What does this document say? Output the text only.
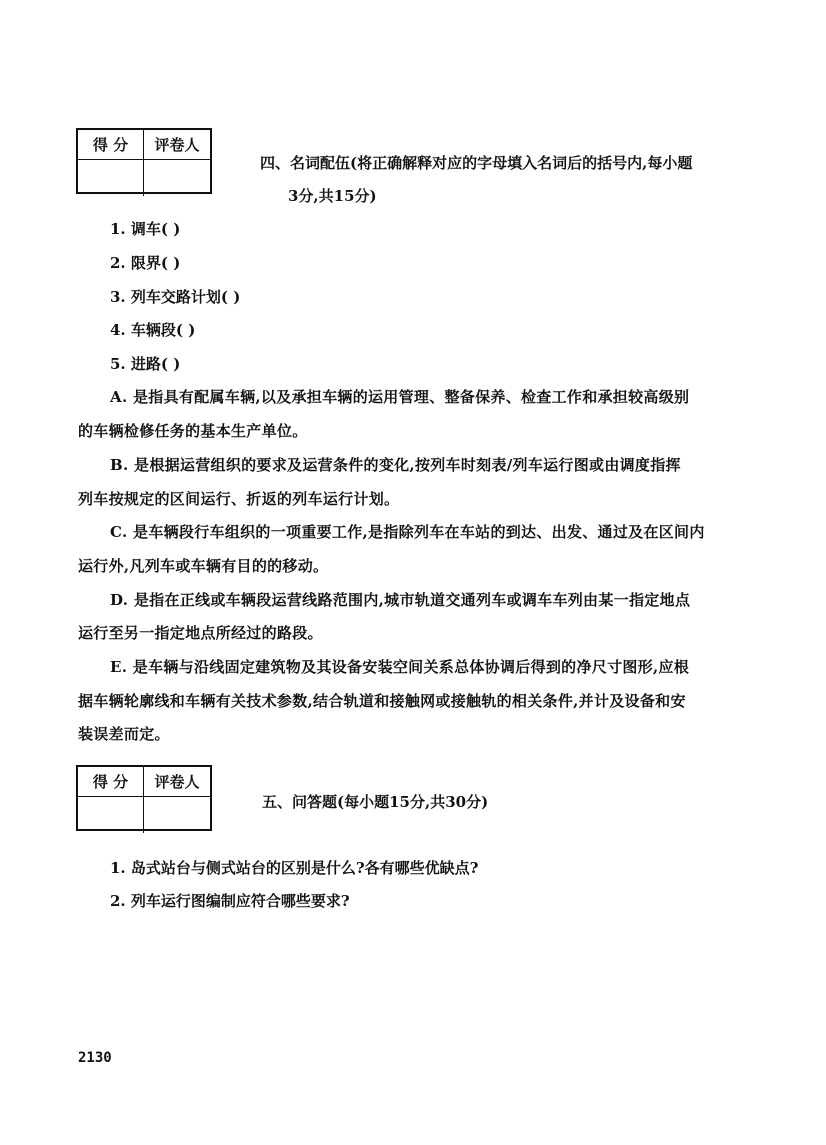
得 分	评卷人
四、名词配伍(将正确解释对应的字母填入名词后的括号内,每小题
3分,共15分)
1. 调车( )
2. 限界( )
3. 列车交路计划( )
4. 车辆段( )
5. 进路( )
A. 是指具有配属车辆,以及承担车辆的运用管理、整备保养、检查工作和承担较高级别
的车辆检修任务的基本生产单位。
B. 是根据运营组织的要求及运营条件的变化,按列车时刻表/列车运行图或由调度指挥
列车按规定的区间运行、折返的列车运行计划。
C. 是车辆段行车组织的一项重要工作,是指除列车在车站的到达、出发、通过及在区间内
运行外,凡列车或车辆有目的的移动。
D. 是指在正线或车辆段运营线路范围内,城市轨道交通列车或调车车列由某一指定地点
运行至另一指定地点所经过的路段。
E. 是车辆与沿线固定建筑物及其设备安装空间关系总体协调后得到的净尺寸图形,应根
据车辆轮廓线和车辆有关技术参数,结合轨道和接触网或接触轨的相关条件,并计及设备和安
装误差而定。
得 分	评卷人
五、问答题(每小题15分,共30分)
1. 岛式站台与侧式站台的区别是什么?各有哪些优缺点?
2. 列车运行图编制应符合哪些要求?
2130
